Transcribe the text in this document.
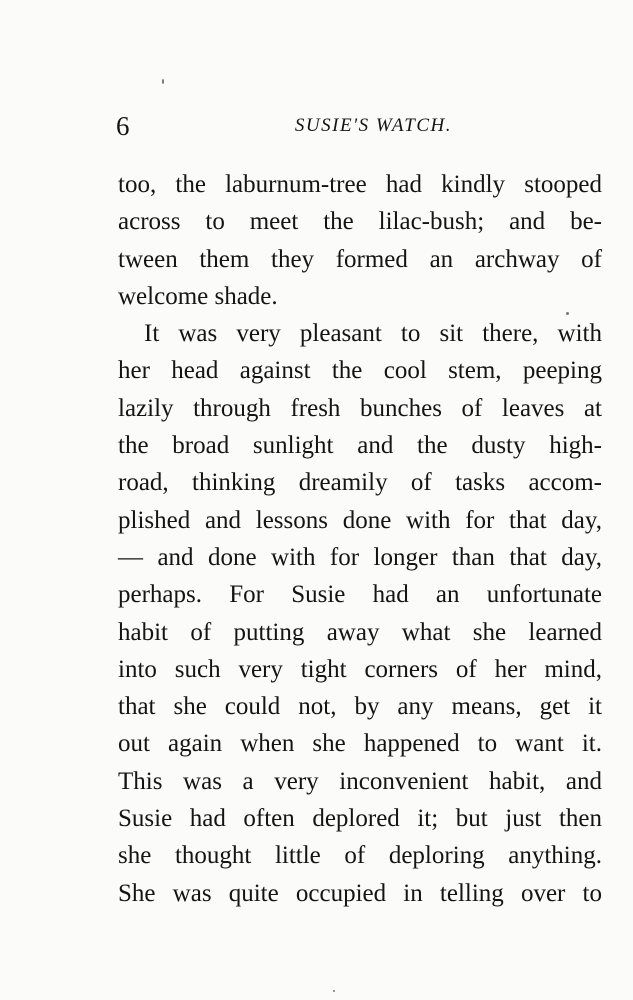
6	SUSIE'S WATCH.
too, the laburnum-tree had kindly stooped
across to meet the lilac-bush; and be-
tween them they formed an archway of
welcome shade.
It was very pleasant to sit there, with
her head against the cool stem, peeping
lazily through fresh bunches of leaves at
the broad sunlight and the dusty high-
road, thinking dreamily of tasks accom-
plished and lessons done with for that day,
— and done with for longer than that day,
perhaps. For Susie had an unfortunate
habit of putting away what she learned
into such very tight corners of her mind,
that she could not, by any means, get it
out again when she happened to want it.
This was a very inconvenient habit, and
Susie had often deplored it; but just then
she thought little of deploring anything.
She was quite occupied in telling over to
